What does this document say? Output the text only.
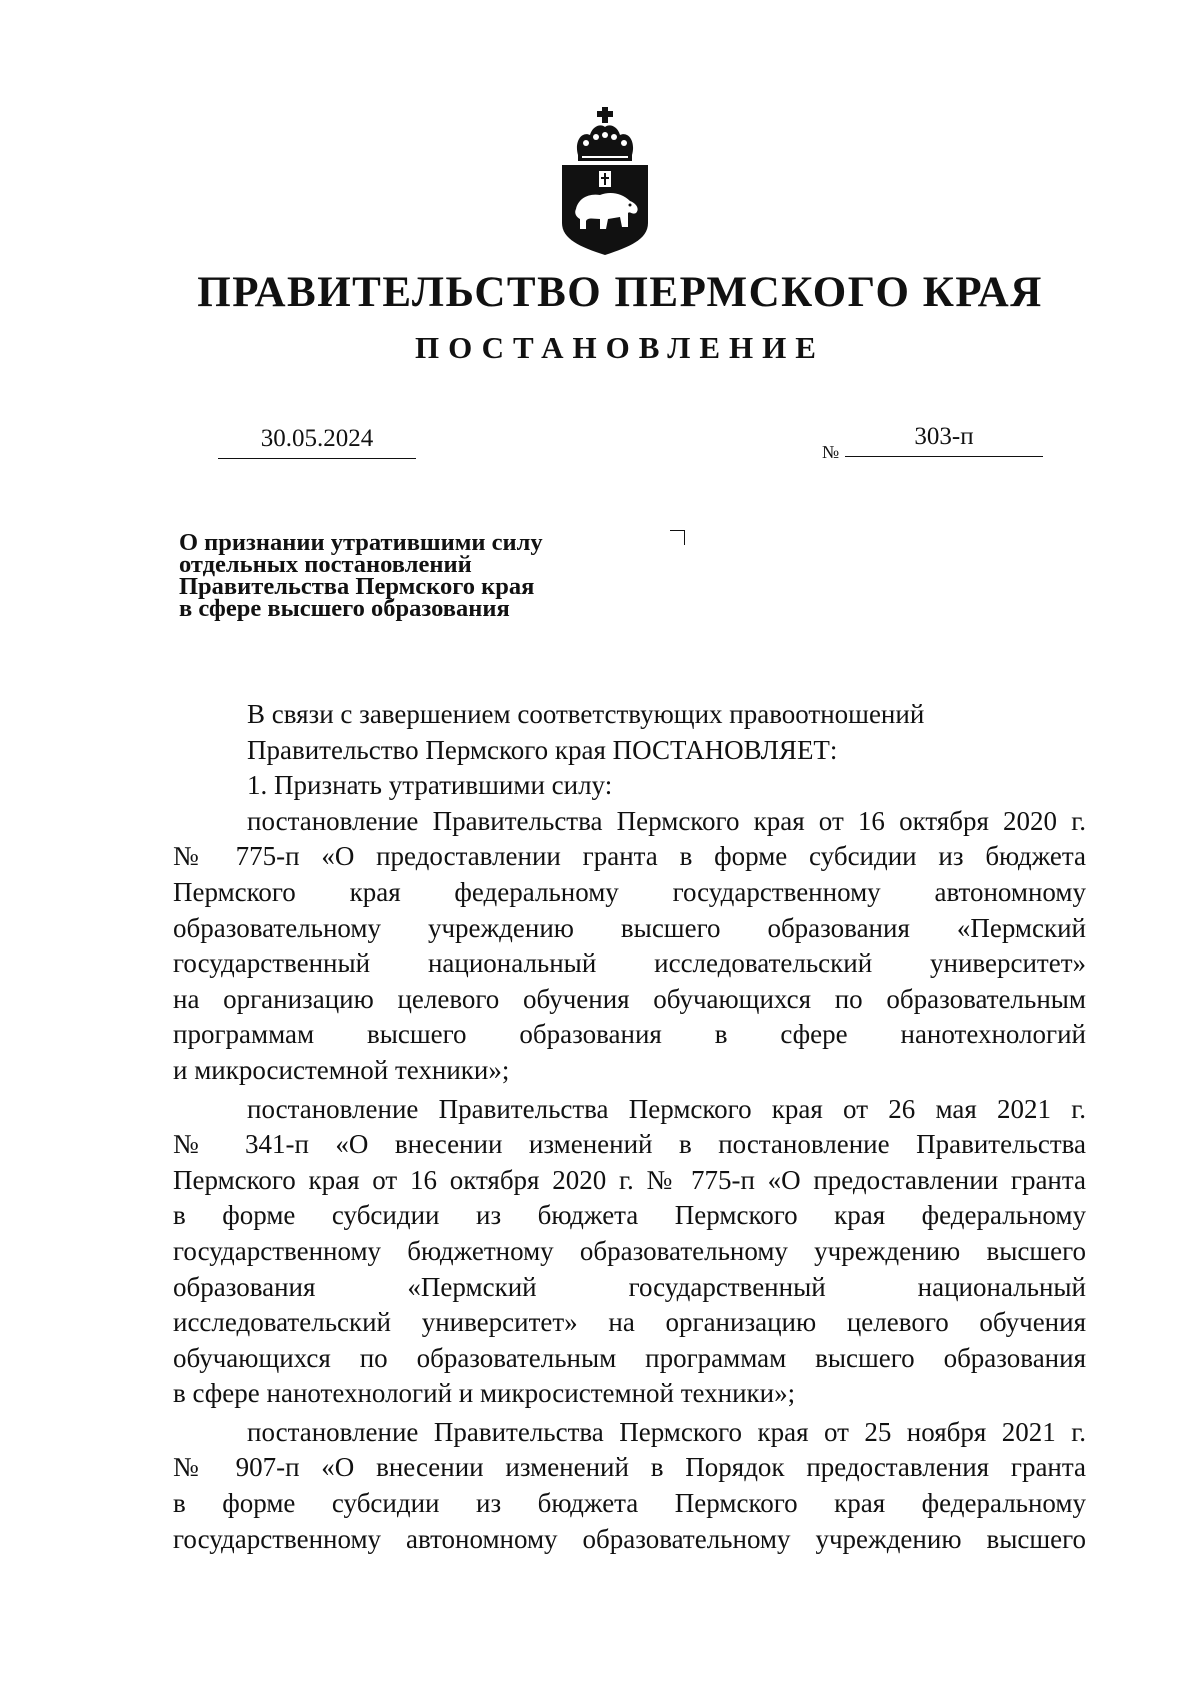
ПРАВИТЕЛЬСТВО ПЕРМСКОГО КРАЯ
ПОСТАНОВЛЕНИЕ
30.05.2024	№
303-п
О признании утратившими силу
отдельных постановлений
Правительства Пермского края
в сфере высшего образования
В связи с завершением соответствующих правоотношений
Правительство Пермского края ПОСТАНОВЛЯЕТ:
1. Признать утратившими силу:
постановление Правительства Пермского края от 16 октября 2020 г.
№ 775-п «О предоставлении гранта в форме субсидии из бюджета
Пермского края федеральному государственному автономному
образовательному учреждению высшего образования «Пермский
государственный национальный исследовательский университет»
на организацию целевого обучения обучающихся по образовательным
программам высшего образования в сфере нанотехнологий
и микросистемной техники»;
постановление Правительства Пермского края от 26 мая 2021 г.
№ 341-п «О внесении изменений в постановление Правительства
Пермского края от 16 октября 2020 г. № 775-п «О предоставлении гранта
в форме субсидии из бюджета Пермского края федеральному
государственному бюджетному образовательному учреждению высшего
образования «Пермский государственный национальный
исследовательский университет» на организацию целевого обучения
обучающихся по образовательным программам высшего образования
в сфере нанотехнологий и микросистемной техники»;
постановление Правительства Пермского края от 25 ноября 2021 г.
№ 907-п «О внесении изменений в Порядок предоставления гранта
в форме субсидии из бюджета Пермского края федеральному
государственному автономному образовательному учреждению высшего
